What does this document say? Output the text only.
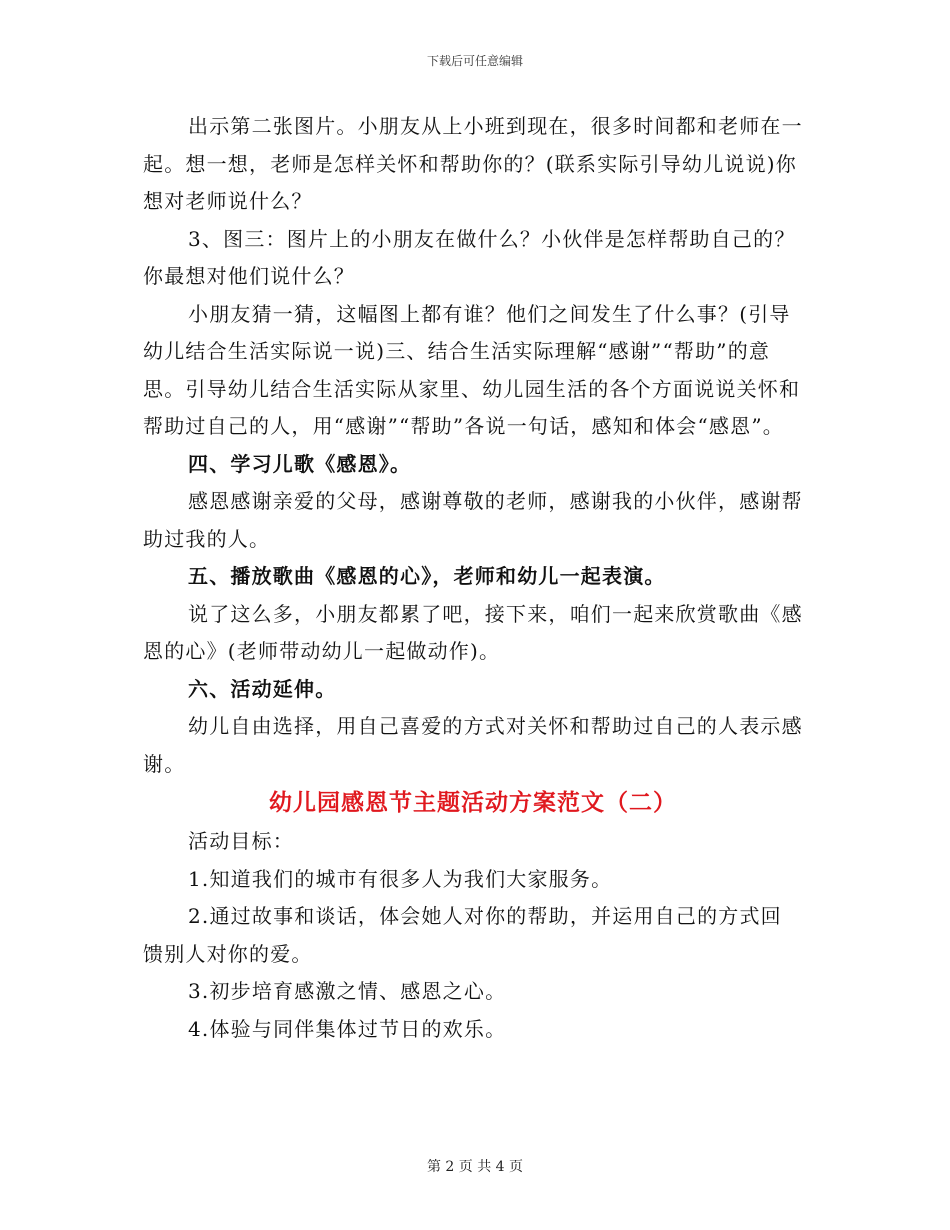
下载后可任意编辑

出示第二张图片。小朋友从上小班到现在，很多时间都和老师在一起。想一想，老师是怎样关怀和帮助你的？(联系实际引导幼儿说说)你想对老师说什么？

3、图三：图片上的小朋友在做什么？小伙伴是怎样帮助自己的？你最想对他们说什么？

小朋友猜一猜，这幅图上都有谁？他们之间发生了什么事？(引导幼儿结合生活实际说一说)三、结合生活实际理解“感谢”“帮助”的意思。引导幼儿结合生活实际从家里、幼儿园生活的各个方面说说关怀和帮助过自己的人，用“感谢”“帮助”各说一句话，感知和体会“感恩”。

四、学习儿歌《感恩》。

感恩感谢亲爱的父母，感谢尊敬的老师，感谢我的小伙伴，感谢帮助过我的人。

五、播放歌曲《感恩的心》，老师和幼儿一起表演。

说了这么多，小朋友都累了吧，接下来，咱们一起来欣赏歌曲《感恩的心》(老师带动幼儿一起做动作)。

六、活动延伸。

幼儿自由选择，用自己喜爱的方式对关怀和帮助过自己的人表示感谢。

幼儿园感恩节主题活动方案范文（二）

活动目标：

1.知道我们的城市有很多人为我们大家服务。

2.通过故事和谈话，体会她人对你的帮助，并运用自己的方式回馈别人对你的爱。

3.初步培育感激之情、感恩之心。

4.体验与同伴集体过节日的欢乐。

第 2 页 共 4 页
